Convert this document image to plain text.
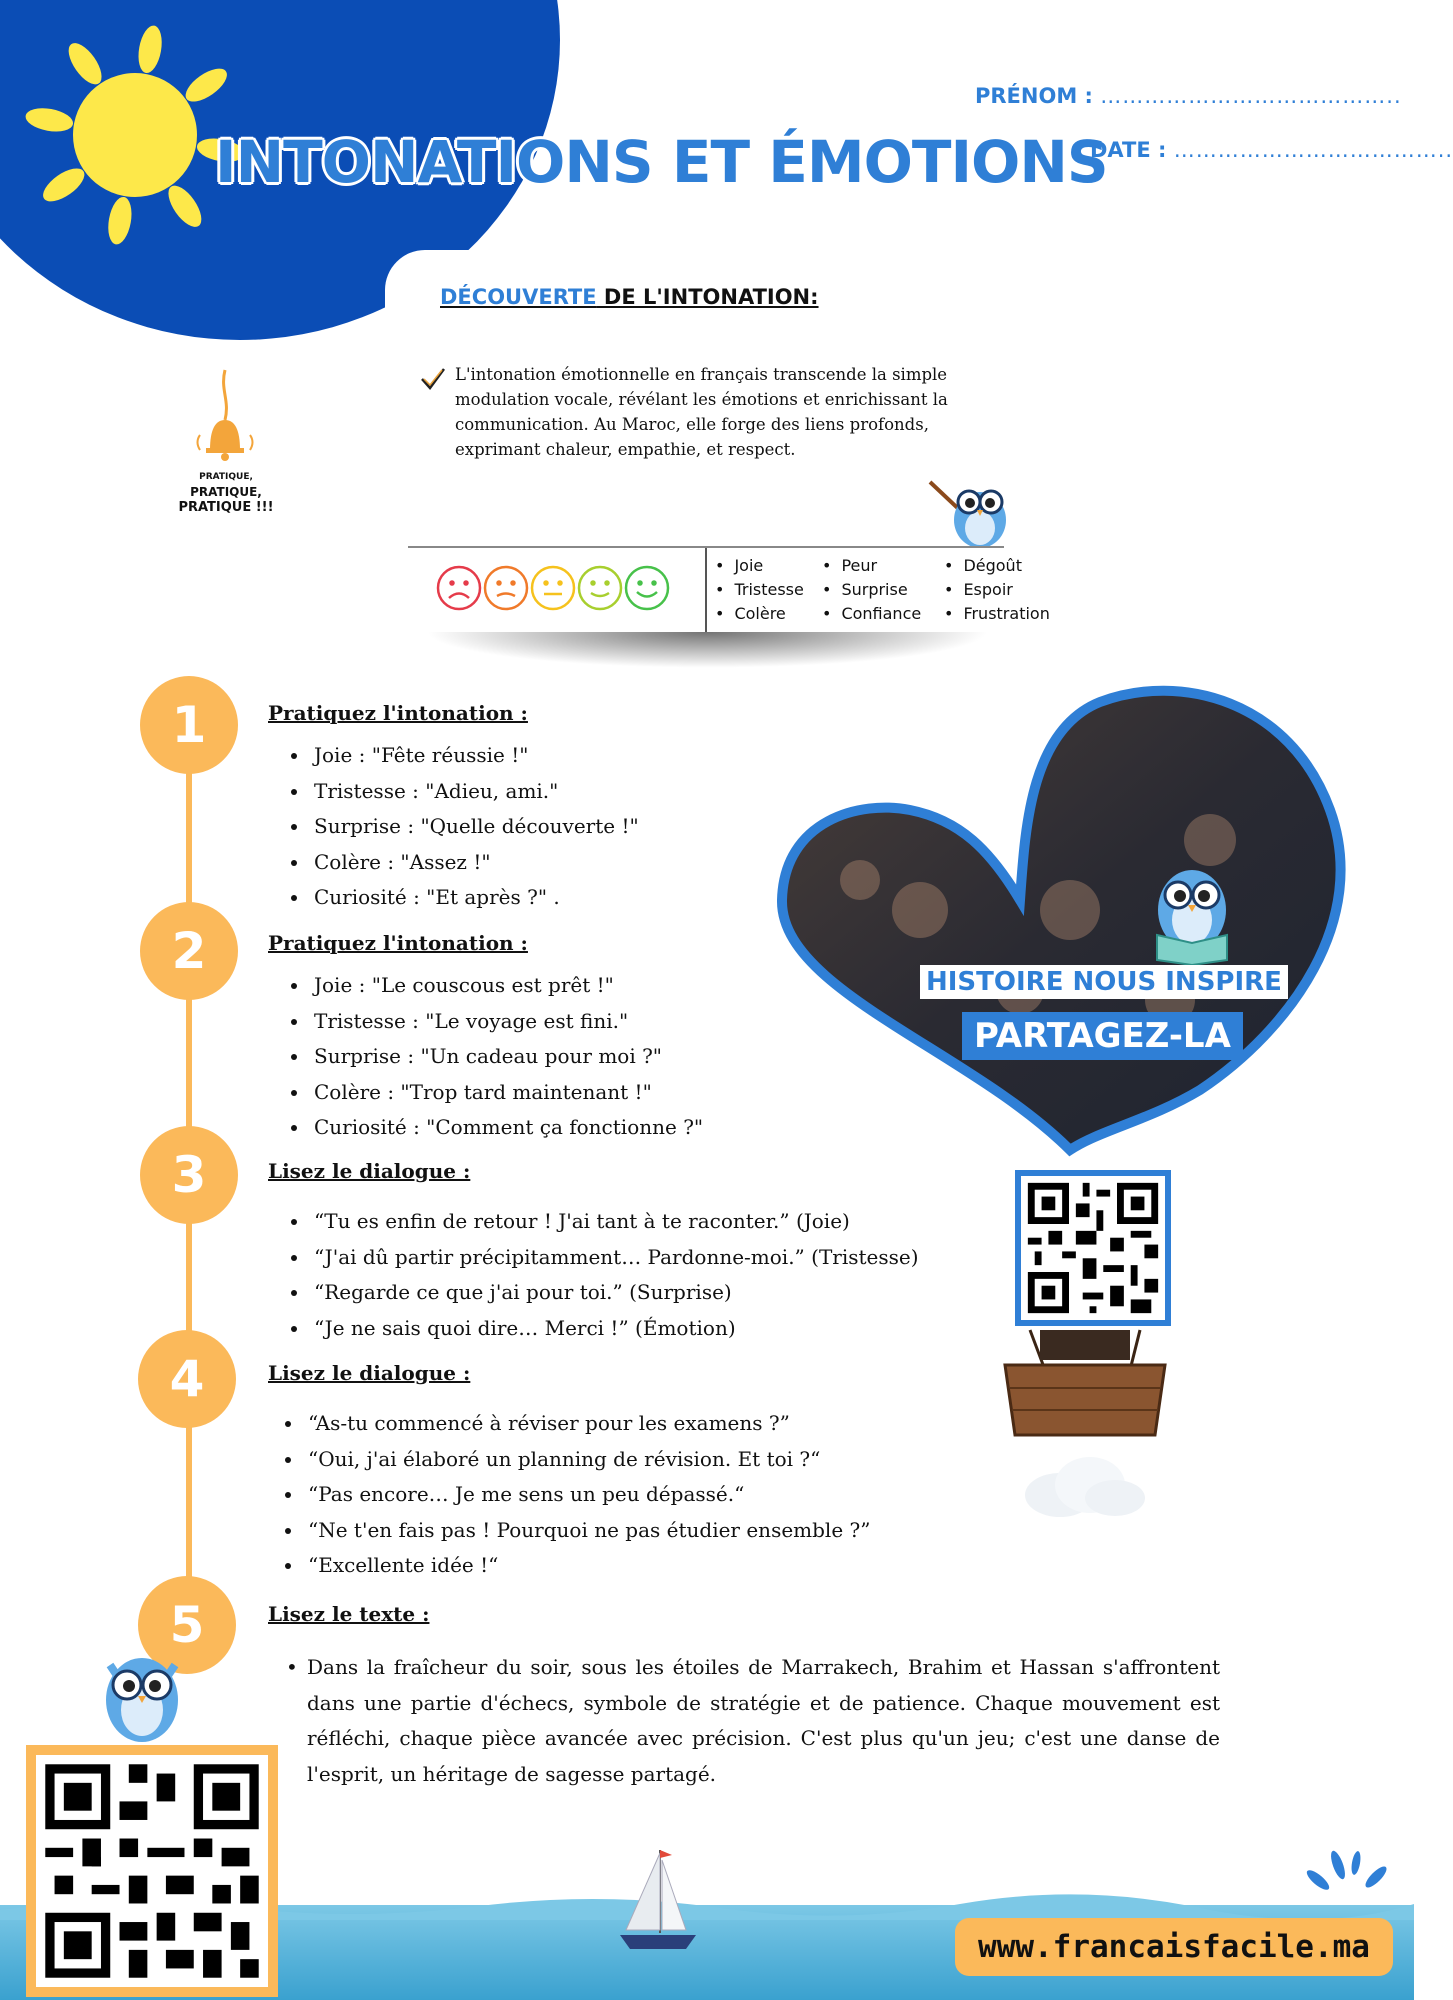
INTONATIONS ET ÉMOTIONS
PRÉNOM : …………………………………..
DATE : ………………………………..
DÉCOUVERTE DE L'INTONATION:
L'intonation émotionnelle en français transcende la simple modulation vocale, révélant les émotions et enrichissant la communication. Au Maroc, elle forge des liens profonds, exprimant chaleur, empathie, et respect.
PRATIQUE,
PRATIQUE,
PRATIQUE !!!
• Joie
• Tristesse
• Colère
• Peur
• Surprise
• Confiance
• Dégoût
• Espoir
• Frustration
1
2
3
4
5
Pratiquez l'intonation :
• Joie : "Fête réussie !"
• Tristesse : "Adieu, ami."
• Surprise : "Quelle découverte !"
• Colère : "Assez !"
• Curiosité : "Et après ?" .
Pratiquez l'intonation :
• Joie : "Le couscous est prêt !"
• Tristesse : "Le voyage est fini."
• Surprise : "Un cadeau pour moi ?"
• Colère : "Trop tard maintenant !"
• Curiosité : "Comment ça fonctionne ?"
Lisez le dialogue :
• “Tu es enfin de retour ! J'ai tant à te raconter.” (Joie)
• “J'ai dû partir précipitamment… Pardonne-moi.” (Tristesse)
• “Regarde ce que j'ai pour toi.” (Surprise)
• “Je ne sais quoi dire… Merci !” (Émotion)
Lisez le dialogue :
• “As-tu commencé à réviser pour les examens ?”
• “Oui, j'ai élaboré un planning de révision. Et toi ?“
• “Pas encore… Je me sens un peu dépassé.“
• “Ne t'en fais pas ! Pourquoi ne pas étudier ensemble ?”
• “Excellente idée !“
Lisez le texte :
• Dans la fraîcheur du soir, sous les étoiles de Marrakech, Brahim et Hassan s'affrontent dans une partie d'échecs, symbole de stratégie et de patience. Chaque mouvement est réfléchi, chaque pièce avancée avec précision. C'est plus qu'un jeu; c'est une danse de l'esprit, un héritage de sagesse partagé.
HISTOIRE NOUS INSPIRE
PARTAGEZ-LA
www.francaisfacile.ma
